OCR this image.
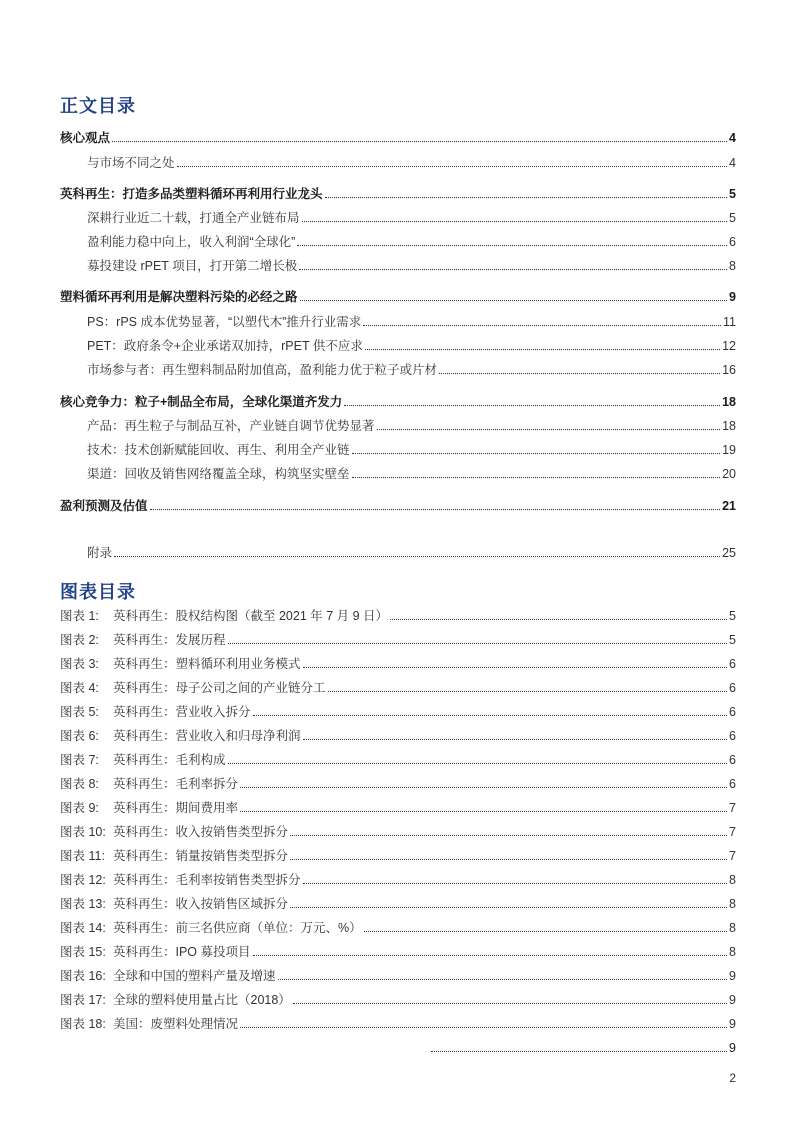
正文目录
核心观点	4
与市场不同之处	4
英科再生：打造多品类塑料循环再利用行业龙头	5
深耕行业近二十载，打通全产业链布局	5
盈利能力稳中向上，收入利润“全球化”	6
募投建设 rPET 项目，打开第二增长极	8
塑料循环再利用是解决塑料污染的必经之路	9
PS：rPS 成本优势显著，“以塑代木”推升行业需求	11
PET：政府条令+企业承诺双加持，rPET 供不应求	12
市场参与者：再生塑料制品附加值高，盈利能力优于粒子或片材	16
核心竞争力：粒子+制品全布局，全球化渠道齐发力	18
产品：再生粒子与制品互补，产业链自调节优势显著	18
技术：技术创新赋能回收、再生、利用全产业链	19
渠道：回收及销售网络覆盖全球，构筑坚实壁垒	20
盈利预测及估值	21
附录	25
图表目录
图表 1:	英科再生：股权结构图（截至 2021 年 7 月 9 日）	5
图表 2:	英科再生：发展历程	5
图表 3:	英科再生：塑料循环利用业务模式	6
图表 4:	英科再生：母子公司之间的产业链分工	6
图表 5:	英科再生：营业收入拆分	6
图表 6:	英科再生：营业收入和归母净利润	6
图表 7:	英科再生：毛利构成	6
图表 8:	英科再生：毛利率拆分	6
图表 9:	英科再生：期间费用率	7
图表 10: 英科再生：收入按销售类型拆分	7
图表 11: 英科再生：销量按销售类型拆分	7
图表 12: 英科再生：毛利率按销售类型拆分	8
图表 13: 英科再生：收入按销售区域拆分	8
图表 14: 英科再生：前三名供应商（单位：万元、%）	8
图表 15: 英科再生：IPO 募投项目	8
图表 16: 全球和中国的塑料产量及增速	9
图表 17: 全球的塑料使用量占比（2018）	9
图表 18: 美国：废塑料处理情况	9
9
2
